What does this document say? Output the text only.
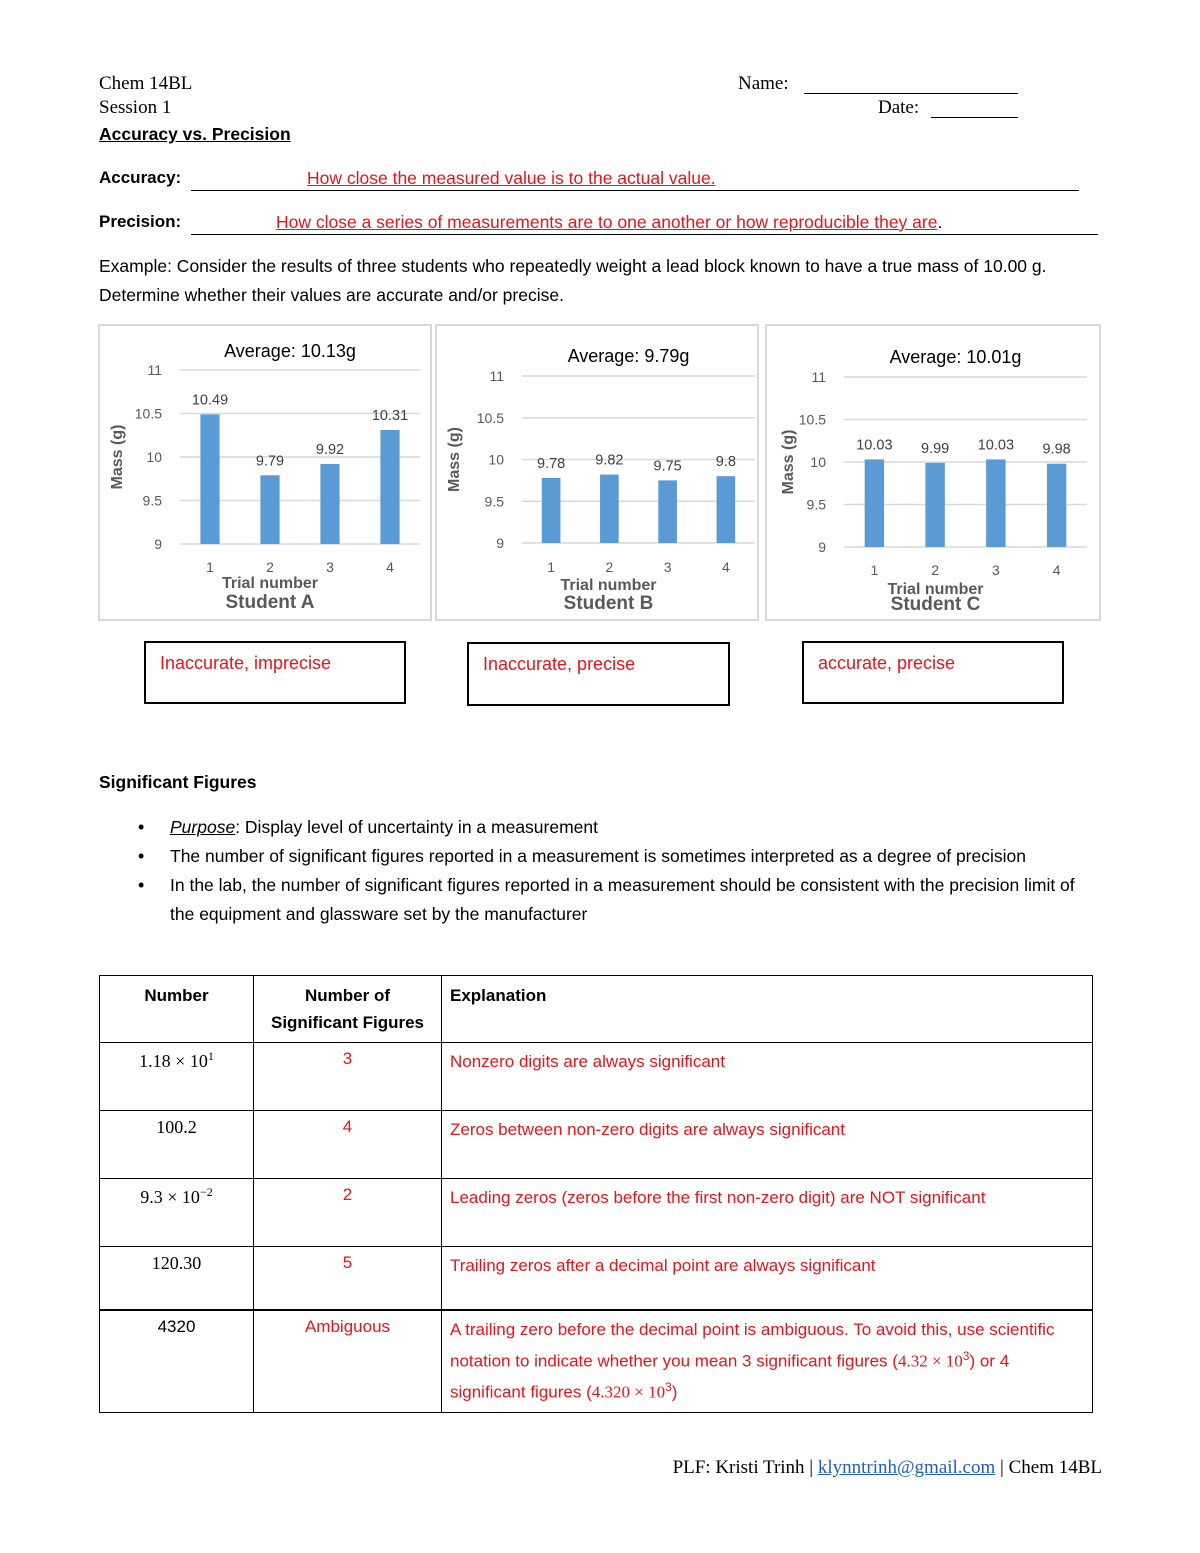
Chem 14BL
Session 1
Name:
Date:
Accuracy vs. Precision
Accuracy:	How close the measured value is to the actual value.
Precision:	How close a series of measurements are to one another or how reproducible they are.
Example: Consider the results of three students who repeatedly weight a lead block known to have a true mass of 10.00 g. Determine whether their values are accurate and/or precise.
9
9.5
10
10.5
11
10.49
1
9.79
2
9.92
3
10.31
4
Average: 10.13g
Trial number
Student A
Mass (g)
9
9.5
10
10.5
11
9.78
1
9.82
2
9.75
3
9.8
4
Average: 9.79g
Trial number
Student B
Mass (g)
9
9.5
10
10.5
11
10.03
1
9.99
2
10.03
3
9.98
4
Average: 10.01g
Trial number
Student C
Mass (g)
Inaccurate, imprecise	Inaccurate, precise	accurate, precise
Significant Figures
• Purpose: Display level of uncertainty in a measurement
• The number of significant figures reported in a measurement is sometimes interpreted as a degree of precision
• In the lab, the number of significant figures reported in a measurement should be consistent with the precision limit of the equipment and glassware set by the manufacturer
Number	Number of Significant Figures	Explanation
$1.18 \times 10^1$	3	Nonzero digits are always significant
100.2	4	Zeros between non-zero digits are always significant
$9.3 \times 10^{-2}$	2	Leading zeros (zeros before the first non-zero digit) are NOT significant
120.30	5	Trailing zeros after a decimal point are always significant
4320	Ambiguous	A trailing zero before the decimal point is ambiguous. To avoid this, use scientific notation to indicate whether you mean 3 significant figures $(4.32 \times 10^3)$ or 4 significant figures $(4.320 \times 10^3)$
PLF: Kristi Trinh | klynntrinh@gmail.com | Chem 14BL
